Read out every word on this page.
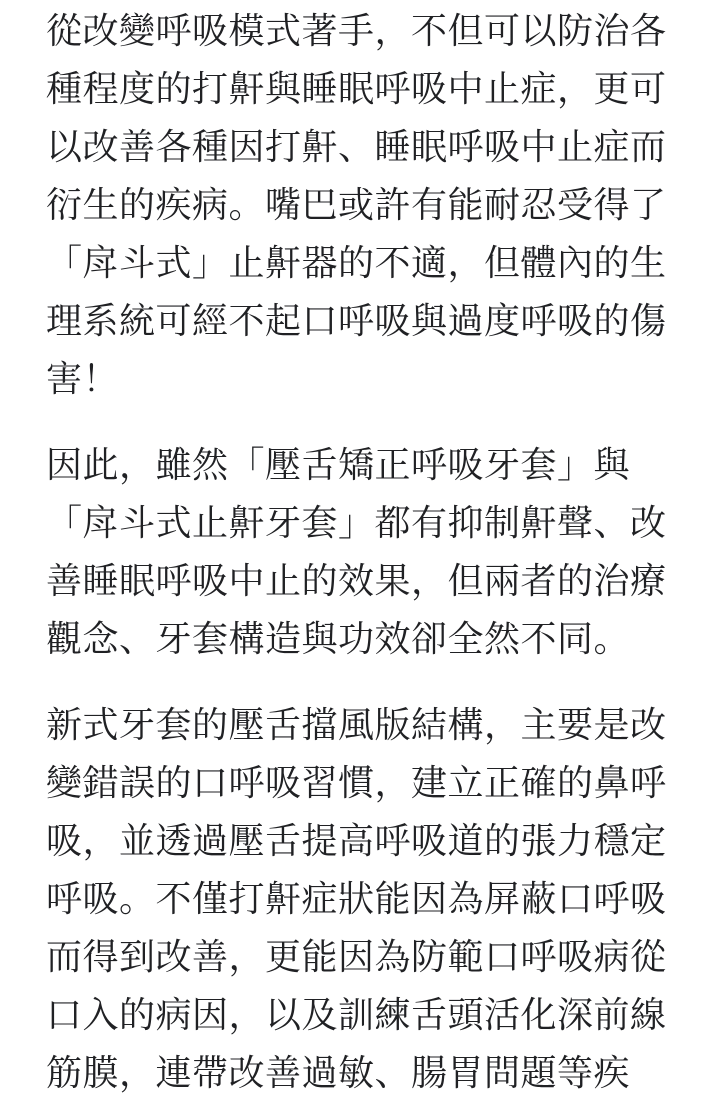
從改變呼吸模式著手，不但可以防治各
種程度的打鼾與睡眠呼吸中止症，更可
以改善各種因打鼾、睡眠呼吸中止症而
衍生的疾病。嘴巴或許有能耐忍受得了
「戽斗式」止鼾器的不適，但體內的生
理系統可經不起口呼吸與過度呼吸的傷
害！
因此，雖然「壓舌矯正呼吸牙套」與
「戽斗式止鼾牙套」都有抑制鼾聲、改
善睡眠呼吸中止的效果，但兩者的治療
觀念、牙套構造與功效卻全然不同。
新式牙套的壓舌擋風版結構，主要是改
變錯誤的口呼吸習慣，建立正確的鼻呼
吸，並透過壓舌提高呼吸道的張力穩定
呼吸。不僅打鼾症狀能因為屏蔽口呼吸
而得到改善，更能因為防範口呼吸病從
口入的病因，以及訓練舌頭活化深前線
筋膜，連帶改善過敏、腸胃問題等疾
